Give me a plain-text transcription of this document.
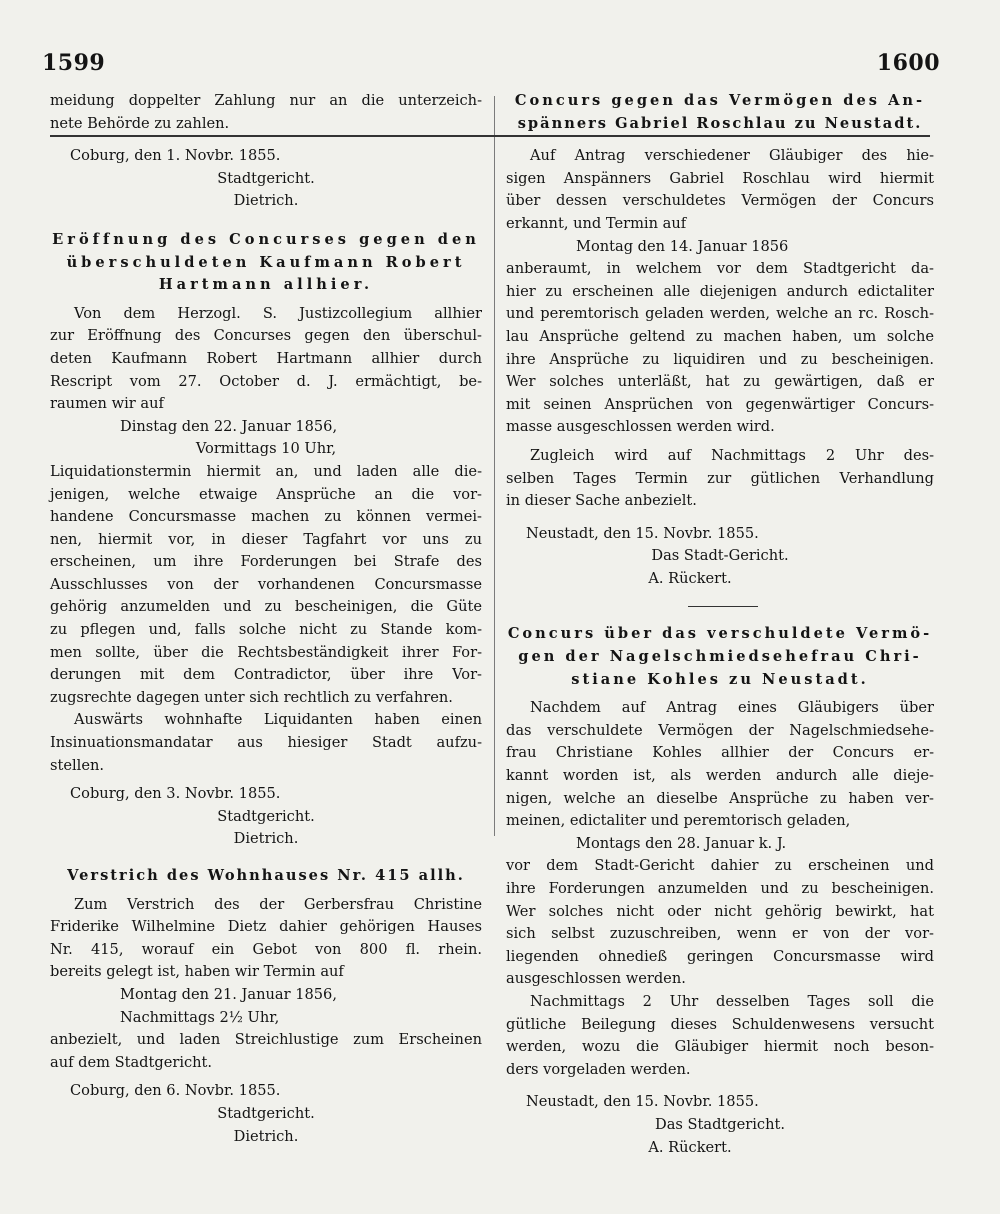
1599	1600

meidung doppelter Zahlung nur an die unterzeich-

nete Behörde zu zahlen.

Coburg, den 1. Novbr. 1855.

Stadtgericht.

Dietrich.

Eröffnung des Concurses gegen den

überschuldeten Kaufmann Robert

Hartmann allhier.

Von dem Herzogl. S. Justizcollegium allhier

zur Eröffnung des Concurses gegen den überschul-

deten Kaufmann Robert Hartmann allhier durch

Rescript vom 27. October d. J. ermächtigt, be-

raumen wir auf

Dinstag den 22. Januar 1856,

Vormittags 10 Uhr,

Liquidationstermin hiermit an, und laden alle die-

jenigen, welche etwaige Ansprüche an die vor-

handene Concursmasse machen zu können vermei-

nen, hiermit vor, in dieser Tagfahrt vor uns zu

erscheinen, um ihre Forderungen bei Strafe des

Ausschlusses von der vorhandenen Concursmasse

gehörig anzumelden und zu bescheinigen, die Güte

zu pflegen und, falls solche nicht zu Stande kom-

men sollte, über die Rechtsbeständigkeit ihrer For-

derungen mit dem Contradictor, über ihre Vor-

zugsrechte dagegen unter sich rechtlich zu verfahren.

Auswärts wohnhafte Liquidanten haben einen

Insinuationsmandatar aus hiesiger Stadt aufzu-

stellen.

Coburg, den 3. Novbr. 1855.

Stadtgericht.

Dietrich.

Verstrich des Wohnhauses Nr. 415 allh.

Zum Verstrich des der Gerbersfrau Christine

Friderike Wilhelmine Dietz dahier gehörigen Hauses

Nr. 415, worauf ein Gebot von 800 fl. rhein.

bereits gelegt ist, haben wir Termin auf

Montag den 21. Januar 1856,

Nachmittags 2½ Uhr,

anbezielt, und laden Streichlustige zum Erscheinen

auf dem Stadtgericht.

Coburg, den 6. Novbr. 1855.

Stadtgericht.

Dietrich.

Concurs gegen das Vermögen des An-

spänners Gabriel Roschlau zu Neustadt.

Auf Antrag verschiedener Gläubiger des hie-

sigen Anspänners Gabriel Roschlau wird hiermit

über dessen verschuldetes Vermögen der Concurs

erkannt, und Termin auf

Montag den 14. Januar 1856

anberaumt, in welchem vor dem Stadtgericht da-

hier zu erscheinen alle diejenigen andurch edictaliter

und peremtorisch geladen werden, welche an rc. Rosch-

lau Ansprüche geltend zu machen haben, um solche

ihre Ansprüche zu liquidiren und zu bescheinigen.

Wer solches unterläßt, hat zu gewärtigen, daß er

mit seinen Ansprüchen von gegenwärtiger Concurs-

masse ausgeschlossen werden wird.

Zugleich wird auf Nachmittags 2 Uhr des-

selben Tages Termin zur gütlichen Verhandlung

in dieser Sache anbezielt.

Neustadt, den 15. Novbr. 1855.

Das Stadt-Gericht.

A. Rückert.

Concurs über das verschuldete Vermö-

gen der Nagelschmiedsehefrau Chri-

stiane Kohles zu Neustadt.

Nachdem auf Antrag eines Gläubigers über

das verschuldete Vermögen der Nagelschmiedsehe-

frau Christiane Kohles allhier der Concurs er-

kannt worden ist, als werden andurch alle dieje-

nigen, welche an dieselbe Ansprüche zu haben ver-

meinen, edictaliter und peremtorisch geladen,

Montags den 28. Januar k. J.

vor dem Stadt-Gericht dahier zu erscheinen und

ihre Forderungen anzumelden und zu bescheinigen.

Wer solches nicht oder nicht gehörig bewirkt, hat

sich selbst zuzuschreiben, wenn er von der vor-

liegenden ohnedieß geringen Concursmasse wird

ausgeschlossen werden.

Nachmittags 2 Uhr desselben Tages soll die

gütliche Beilegung dieses Schuldenwesens versucht

werden, wozu die Gläubiger hiermit noch beson-

ders vorgeladen werden.

Neustadt, den 15. Novbr. 1855.

Das Stadtgericht.

A. Rückert.
